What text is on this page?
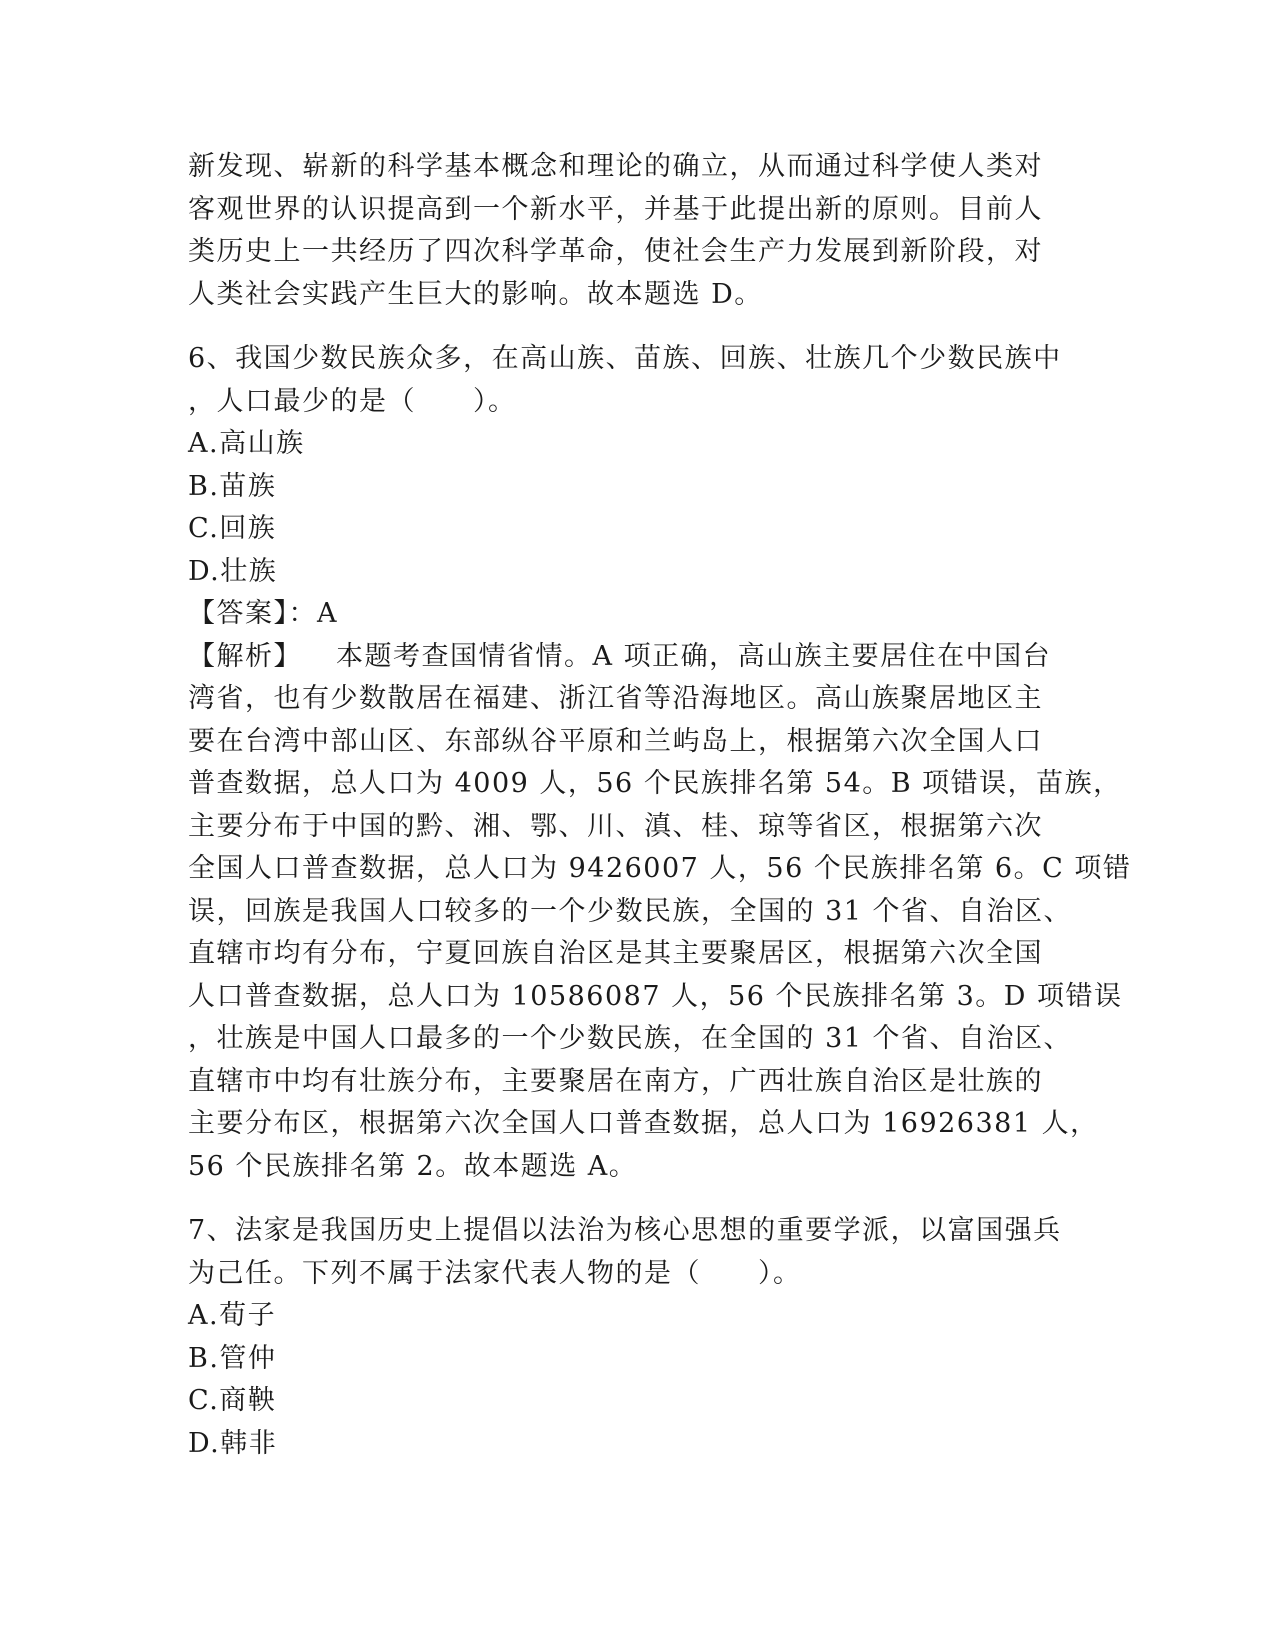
新发现、崭新的科学基本概念和理论的确立，从而通过科学使人类对
客观世界的认识提高到一个新水平，并基于此提出新的原则。目前人
类历史上一共经历了四次科学革命，使社会生产力发展到新阶段，对
人类社会实践产生巨大的影响。故本题选 D。
6、我国少数民族众多，在高山族、苗族、回族、壮族几个少数民族中
，人口最少的是（　　）。
A.高山族
B.苗族
C.回族
D.壮族
【答案】：A
【解析】 本题考查国情省情。A 项正确，高山族主要居住在中国台
湾省，也有少数散居在福建、浙江省等沿海地区。高山族聚居地区主
要在台湾中部山区、东部纵谷平原和兰屿岛上，根据第六次全国人口
普查数据，总人口为 4009 人，56 个民族排名第 54。B 项错误，苗族，
主要分布于中国的黔、湘、鄂、川、滇、桂、琼等省区，根据第六次
全国人口普查数据，总人口为 9426007 人，56 个民族排名第 6。C 项错
误，回族是我国人口较多的一个少数民族，全国的 31 个省、自治区、
直辖市均有分布，宁夏回族自治区是其主要聚居区，根据第六次全国
人口普查数据，总人口为 10586087 人，56 个民族排名第 3。D 项错误
，壮族是中国人口最多的一个少数民族，在全国的 31 个省、自治区、
直辖市中均有壮族分布，主要聚居在南方，广西壮族自治区是壮族的
主要分布区，根据第六次全国人口普查数据，总人口为 16926381 人，
56 个民族排名第 2。故本题选 A。
7、法家是我国历史上提倡以法治为核心思想的重要学派，以富国强兵
为己任。下列不属于法家代表人物的是（　　）。
A.荀子
B.管仲
C.商鞅
D.韩非
